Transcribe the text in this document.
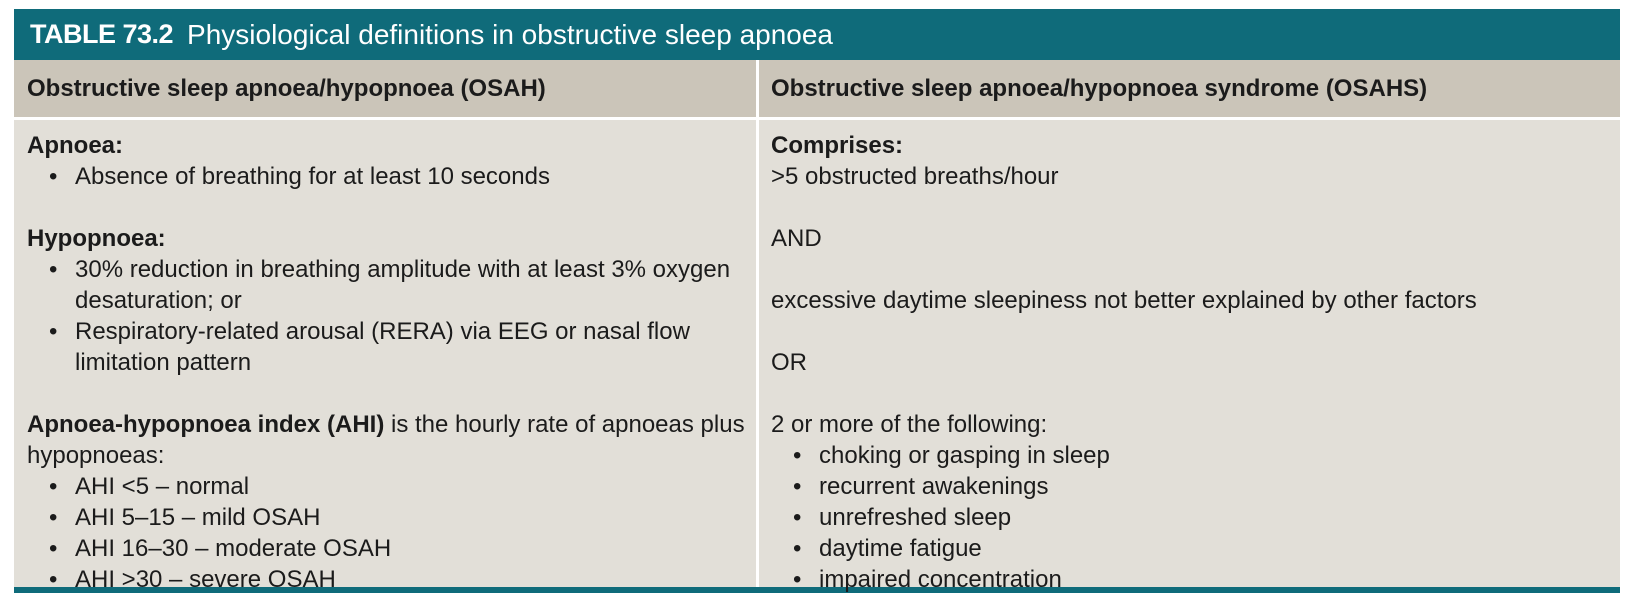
TABLE 73.2 Physiological definitions in obstructive sleep apnoea
Obstructive sleep apnoea/hypopnoea (OSAH)	Obstructive sleep apnoea/hypopnoea syndrome (OSAHS)
Apnoea:
• Absence of breathing for at least 10 seconds
Hypopnoea:
• 30% reduction in breathing amplitude with at least 3% oxygen desaturation; or
• Respiratory-related arousal (RERA) via EEG or nasal flow limitation pattern
Apnoea-hypopnoea index (AHI) is the hourly rate of apnoeas plus hypopnoeas:
• AHI <5 – normal
• AHI 5–15 – mild OSAH
• AHI 16–30 – moderate OSAH
• AHI >30 – severe OSAH
Comprises:
>5 obstructed breaths/hour
AND
excessive daytime sleepiness not better explained by other factors
OR
2 or more of the following:
• choking or gasping in sleep
• recurrent awakenings
• unrefreshed sleep
• daytime fatigue
• impaired concentration
